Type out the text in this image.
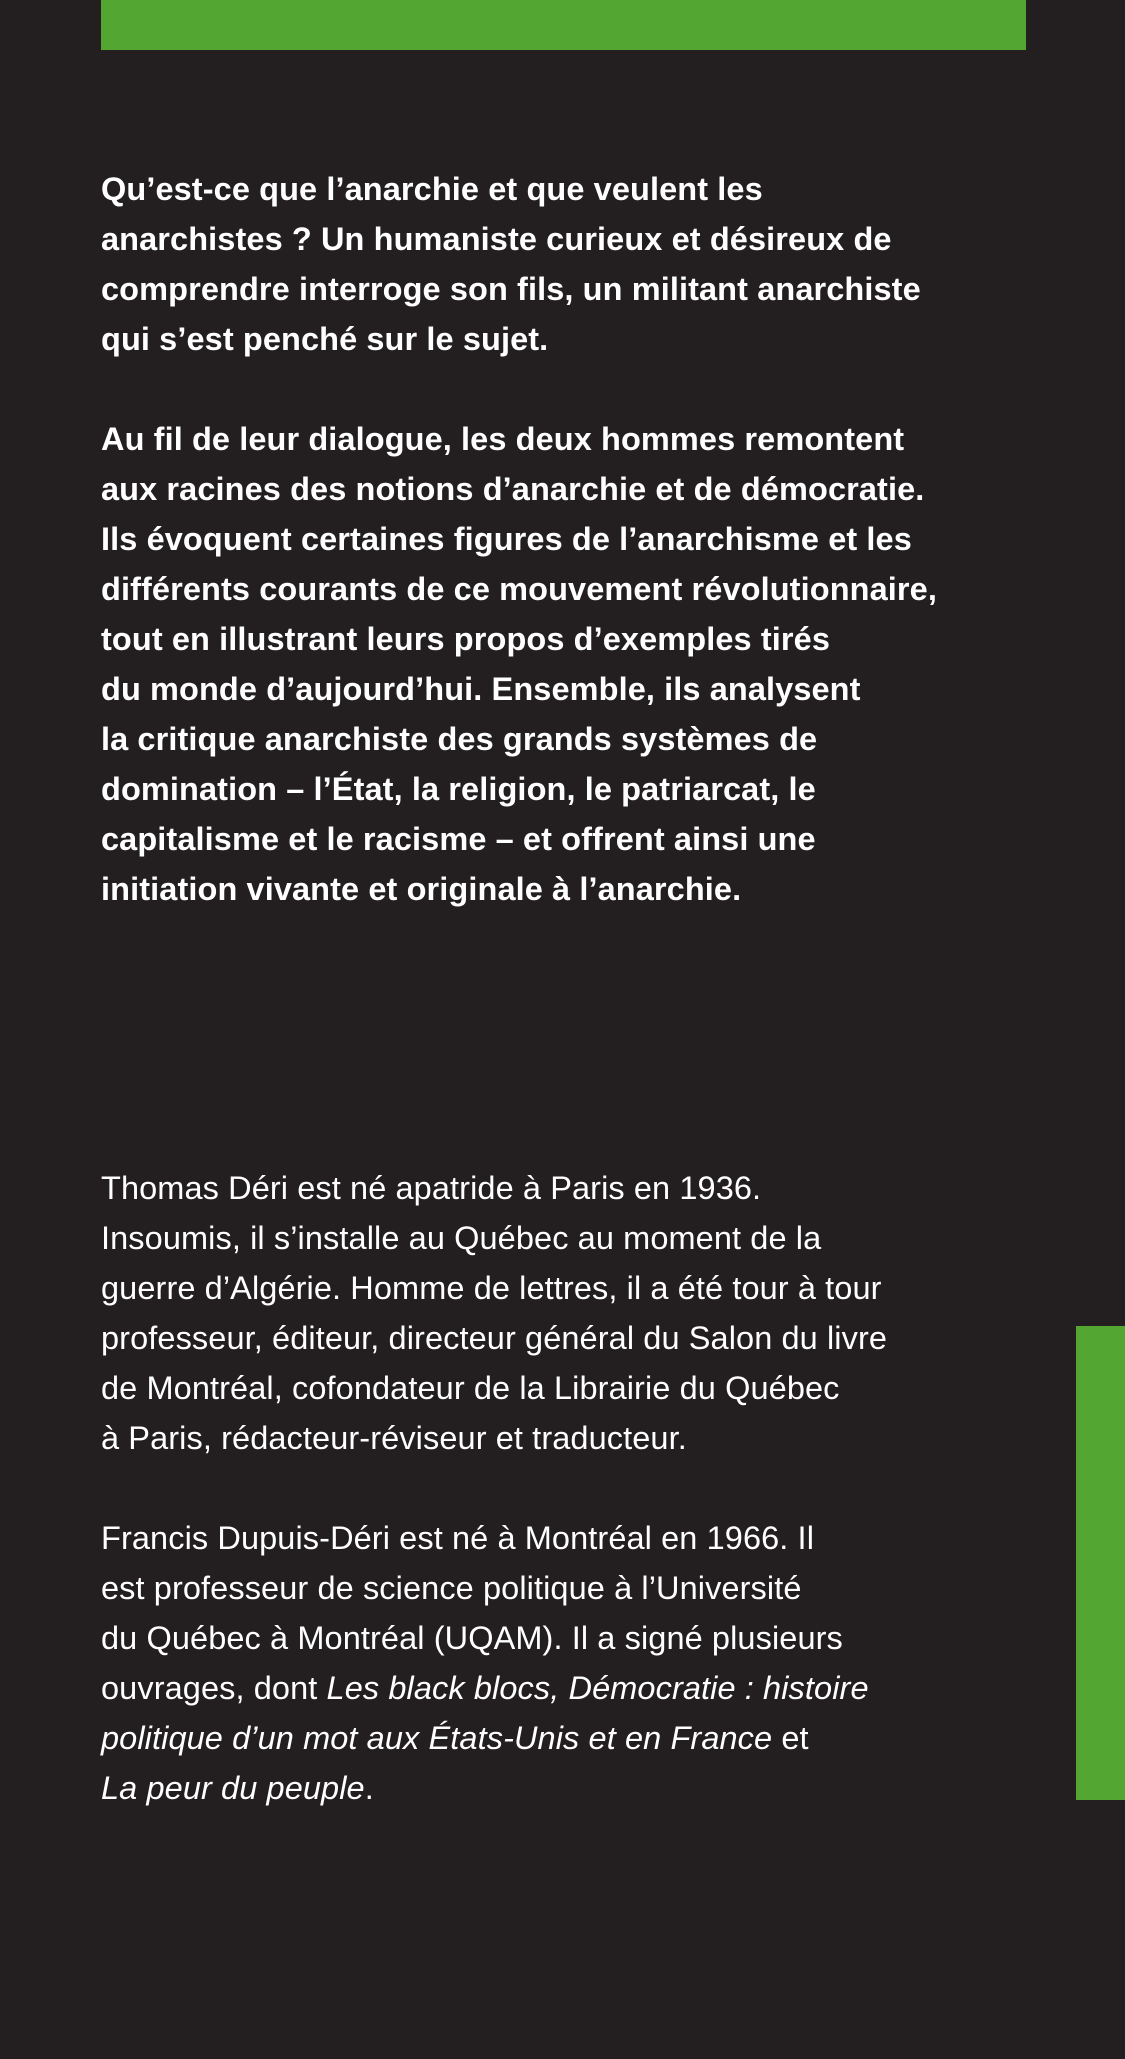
Qu’est-ce que l’anarchie et que veulent les
anarchistes ? Un humaniste curieux et désireux de
comprendre interroge son fils, un militant anarchiste
qui s’est penché sur le sujet.

Au fil de leur dialogue, les deux hommes remontent
aux racines des notions d’anarchie et de démocratie.
Ils évoquent certaines figures de l’anarchisme et les
différents courants de ce mouvement révolutionnaire,
tout en illustrant leurs propos d’exemples tirés
du monde d’aujourd’hui. Ensemble, ils analysent
la critique anarchiste des grands systèmes de
domination – l’État, la religion, le patriarcat, le
capitalisme et le racisme – et offrent ainsi une
initiation vivante et originale à l’anarchie.

Thomas Déri est né apatride à Paris en 1936.
Insoumis, il s’installe au Québec au moment de la
guerre d’Algérie. Homme de lettres, il a été tour à tour
professeur, éditeur, directeur général du Salon du livre
de Montréal, cofondateur de la Librairie du Québec
à Paris, rédacteur-réviseur et traducteur.

Francis Dupuis-Déri est né à Montréal en 1966. Il
est professeur de science politique à l’Université
du Québec à Montréal (UQAM). Il a signé plusieurs
ouvrages, dont Les black blocs, Démocratie : histoire
politique d’un mot aux États-Unis et en France et
La peur du peuple.
